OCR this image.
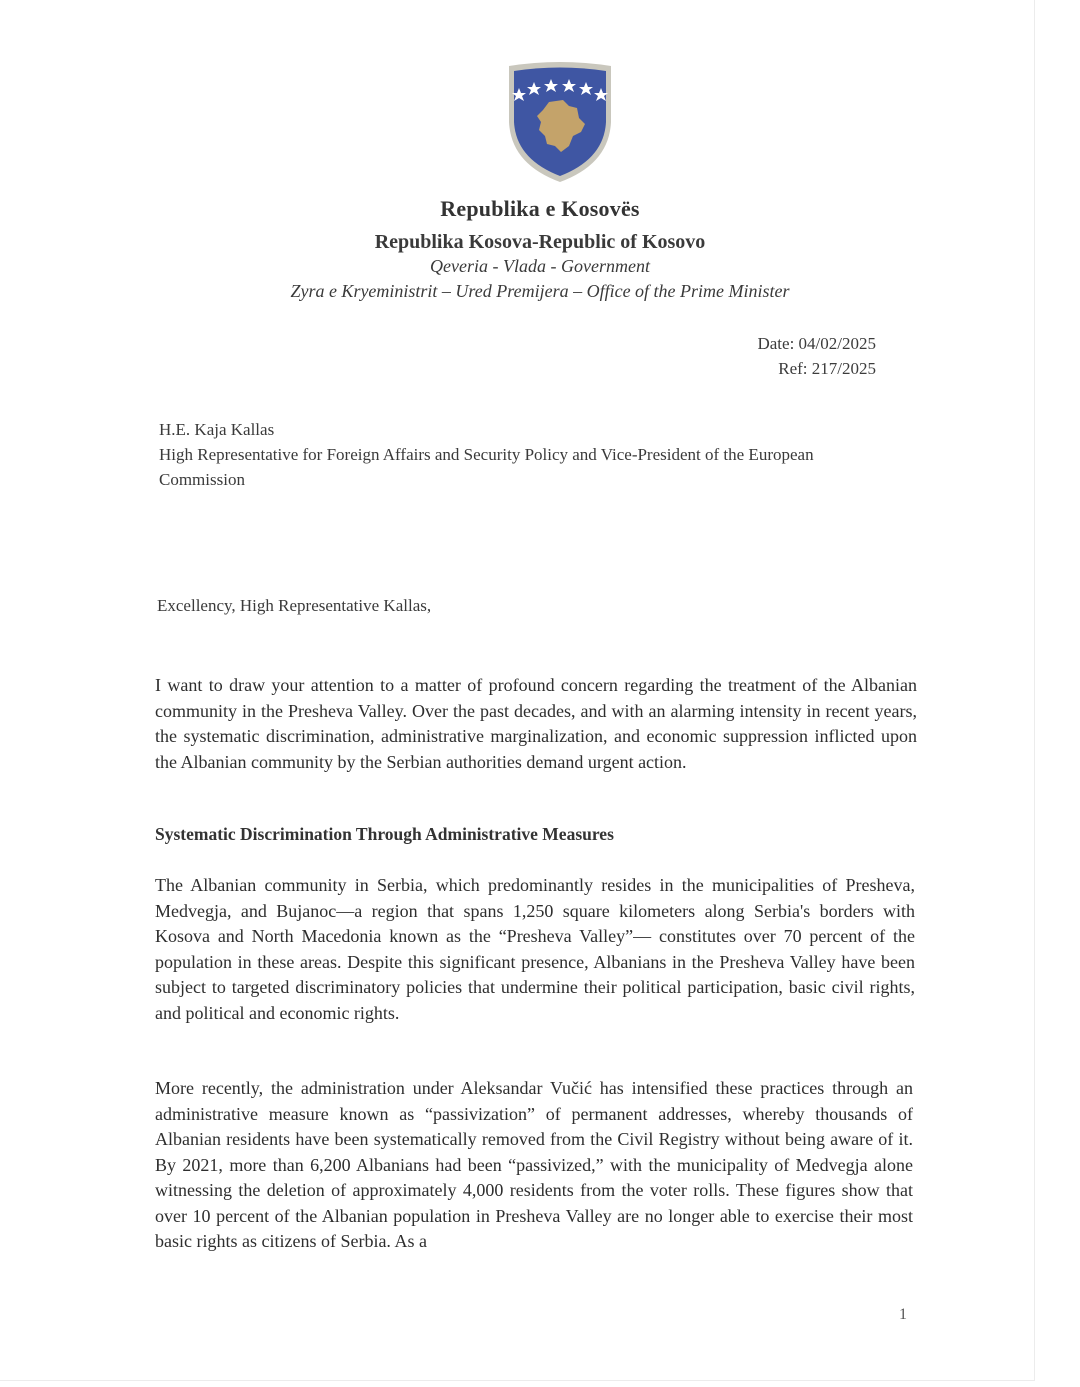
Republika e Kosovës
Republika Kosova-Republic of Kosovo
Qeveria - Vlada - Government
Zyra e Kryeministrit – Ured Premijera – Office of the Prime Minister
Date: 04/02/2025
Ref: 217/2025
H.E. Kaja Kallas
High Representative for Foreign Affairs and Security Policy and Vice-President of the European Commission
Excellency, High Representative Kallas,

I want to draw your attention to a matter of profound concern regarding the treatment of the Albanian community in the Presheva Valley. Over the past decades, and with an alarming intensity in recent years, the systematic discrimination, administrative marginalization, and economic suppression inflicted upon the Albanian community by the Serbian authorities demand urgent action.

Systematic Discrimination Through Administrative Measures

The Albanian community in Serbia, which predominantly resides in the municipalities of Presheva, Medvegja, and Bujanoc—a region that spans 1,250 square kilometers along Serbia's borders with Kosova and North Macedonia known as the “Presheva Valley”— constitutes over 70 percent of the population in these areas. Despite this significant presence, Albanians in the Presheva Valley have been subject to targeted discriminatory policies that undermine their political participation, basic civil rights, and political and economic rights.

More recently, the administration under Aleksandar Vučić has intensified these practices through an administrative measure known as “passivization” of permanent addresses, whereby thousands of Albanian residents have been systematically removed from the Civil Registry without being aware of it. By 2021, more than 6,200 Albanians had been “passivized,” with the municipality of Medvegja alone witnessing the deletion of approximately 4,000 residents from the voter rolls. These figures show that over 10 percent of the Albanian population in Presheva Valley are no longer able to exercise their most basic rights as citizens of Serbia. As a

1
